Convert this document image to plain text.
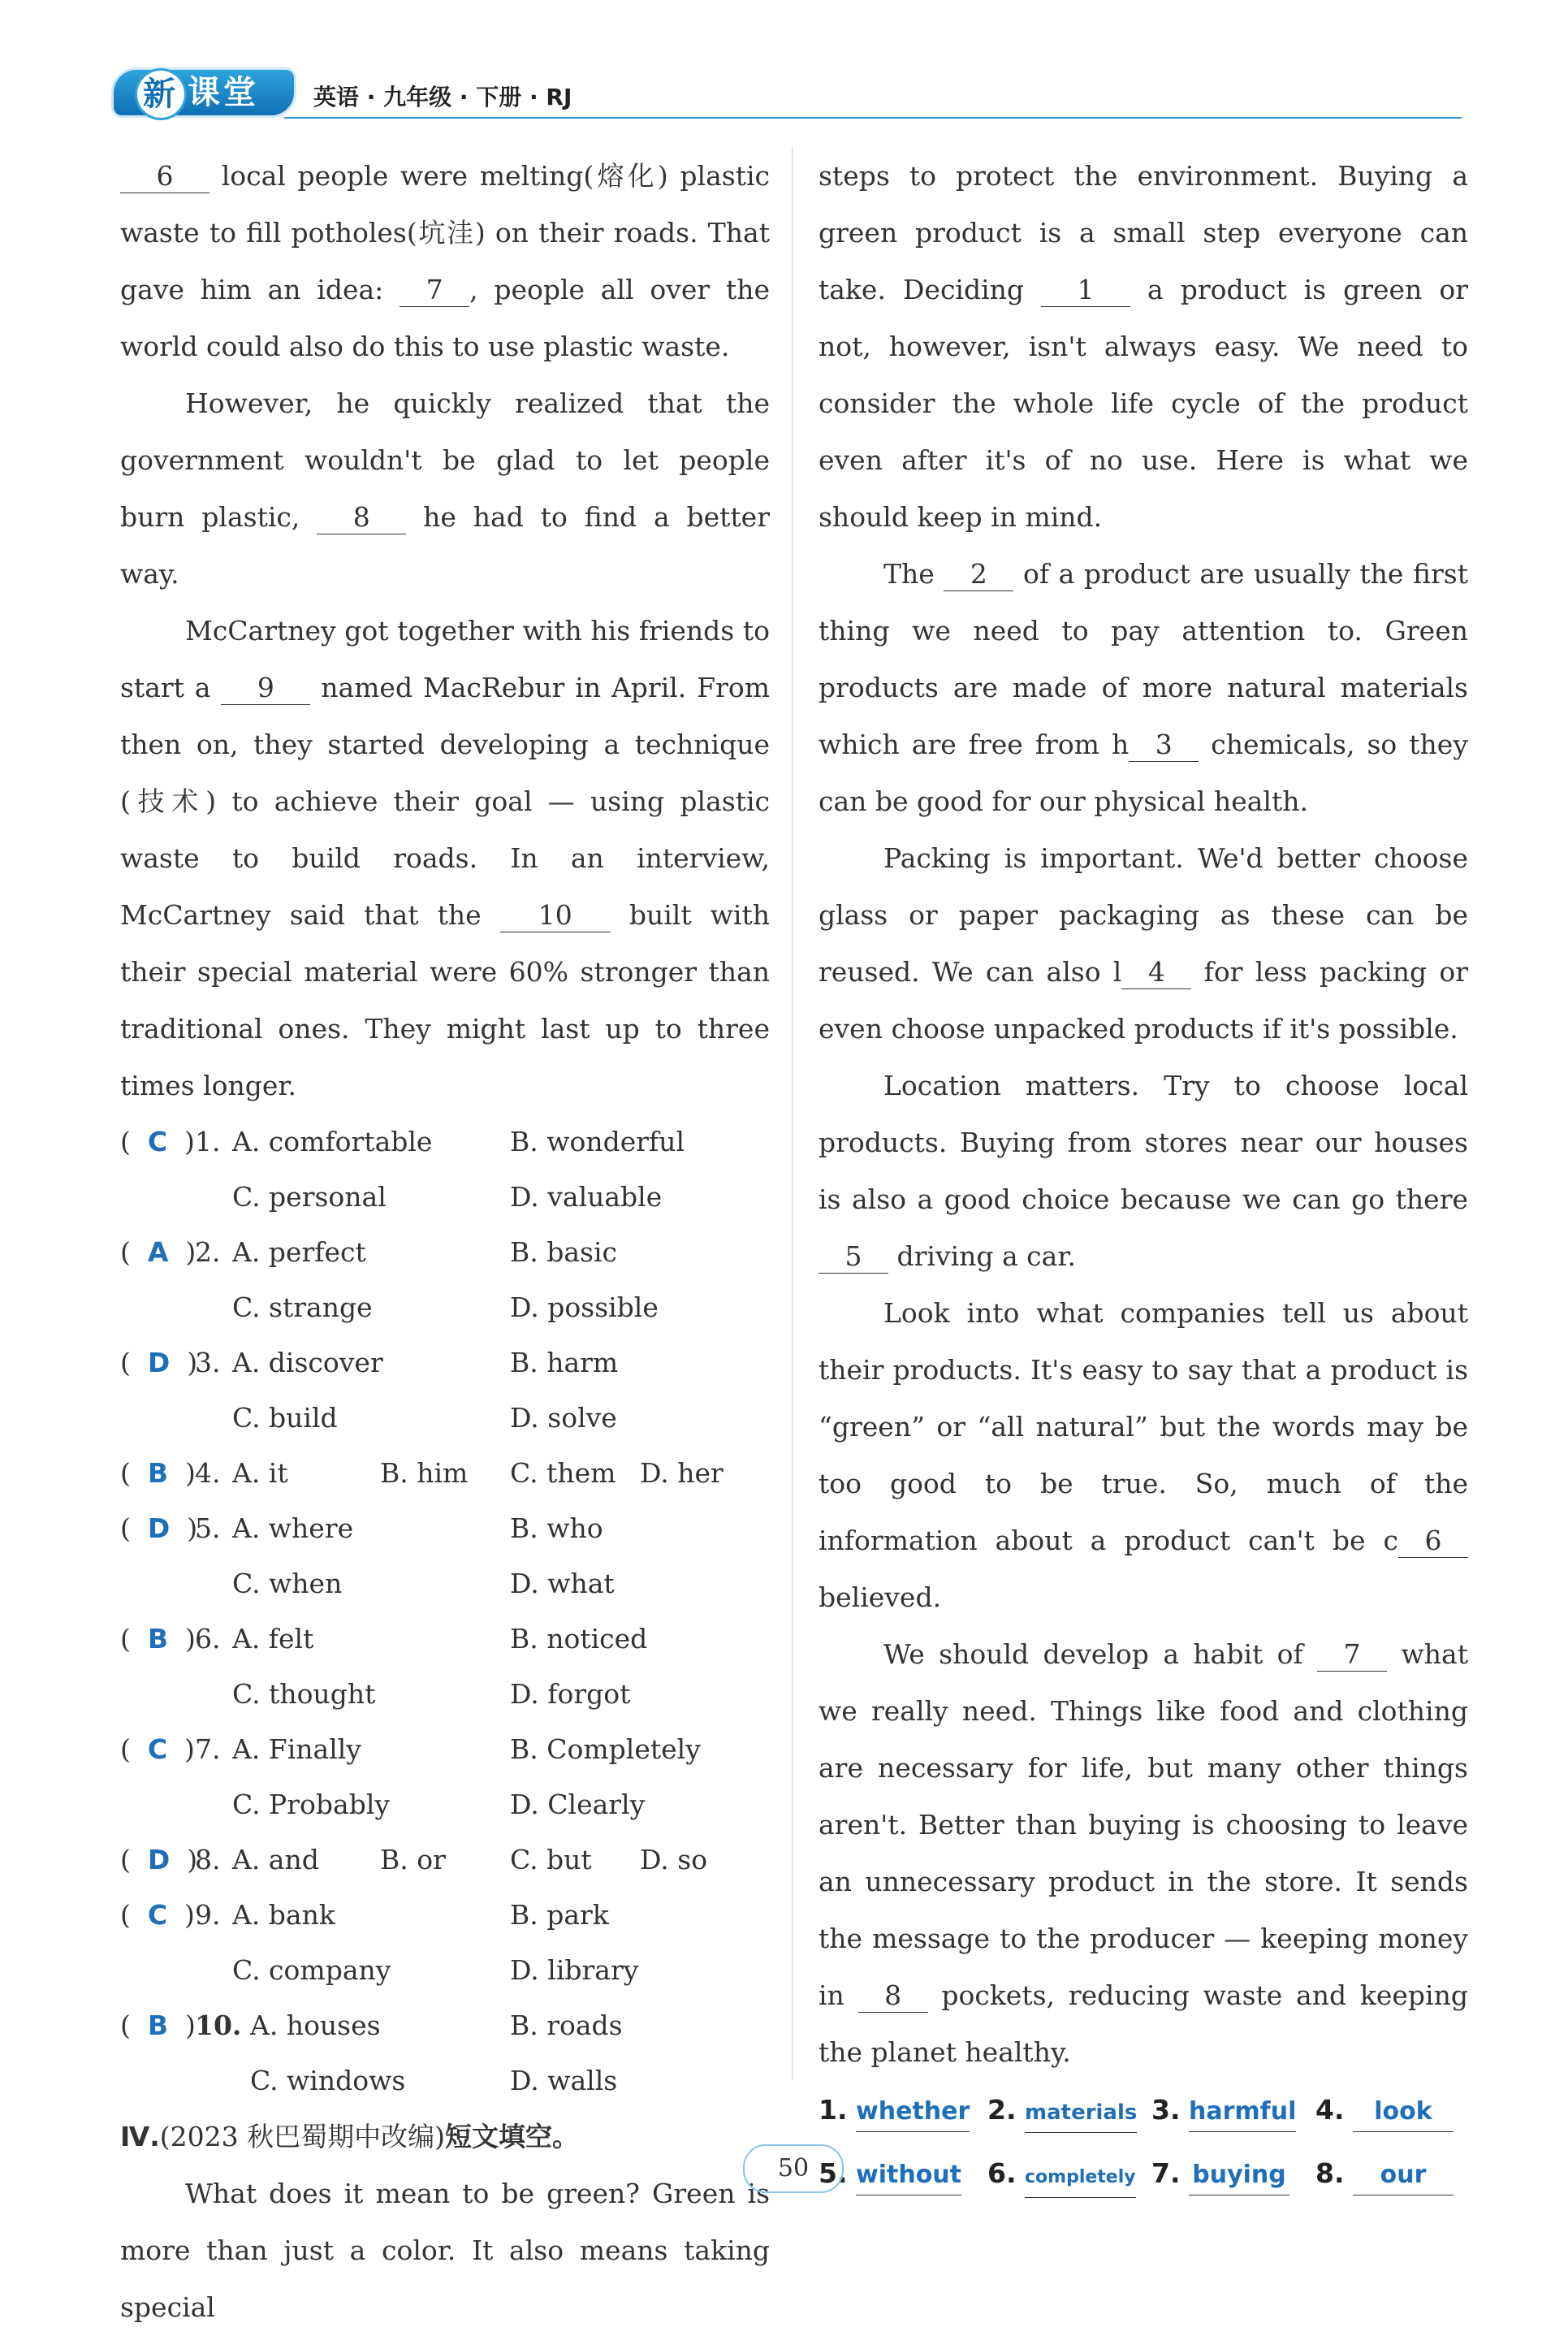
新 课堂	英语 · 九年级 · 下册 · RJ

6 local people were melting(熔化) plastic waste to fill potholes(坑洼) on their roads. That gave him an idea: 7 , people all over the world could also do this to use plastic waste.

However, he quickly realized that the government wouldn't be glad to let people burn plastic, 8 he had to find a better way.

McCartney got together with his friends to start a 9 named MacRebur in April. From then on, they started developing a technique (技术) to achieve their goal — using plastic waste to build roads. In an interview, McCartney said that the 10 built with their special material were 60% stronger than traditional ones. They might last up to three times longer.

(  C  ) 1. A. comfortable	B. wonderful
C. personal	D. valuable
(  A  )
2. A. perfect	B. basic
C. strange	D. possible
(  D  )
3. A. discover	B. harm
C. build	D. solve
(  B  ) 4. A. it	B. him C. them D. her
(  D  )
5. A. where	B. who
C. when	D. what
(  B  ) 6. A. felt	B. noticed
C. thought	D. forgot
(  C  ) 7. A. Finally	B. Completely
C. Probably	D. Clearly
(  D  )
8. A. and B. or C. but D. so
(  C  ) 9. A. bank	B. park
C. company	D. library
(  B  ) 10. A. houses	B. roads
C. windows	D. walls
Ⅳ.(2023 秋巴蜀期中改编)短文填空。

What does it mean to be green? Green is more than just a color. It also means taking special

steps to protect the environment. Buying a green product is a small step everyone can take. Deciding 1 a product is green or not, however, isn't always easy. We need to consider the whole life cycle of the product even after it's of no use. Here is what we should keep in mind.

The 2 of a product are usually the first thing we need to pay attention to. Green products are made of more natural materials which are free from h 3 chemicals, so they can be good for our physical health.

Packing is important. We'd better choose glass or paper packaging as these can be reused. We can also l 4 for less packing or even choose unpacked products if it's possible.

Location matters. Try to choose local products. Buying from stores near our houses is also a good choice because we can go there 5 driving a car.

Look into what companies tell us about their products. It's easy to say that a product is “green” or “all natural” but the words may be too good to be true. So, much of the information about a product can't be c 6 believed.

We should develop a habit of 7 what we really need. Things like food and clothing are necessary for life, but many other things aren't. Better than buying is choosing to leave an unnecessary product in the store. It sends the message to the producer — keeping money in 8 pockets, reducing waste and keeping the planet healthy.

1. whether 2. materials 3. harmful 4. look
5. without 6. completely 7. buying 8. our
50
